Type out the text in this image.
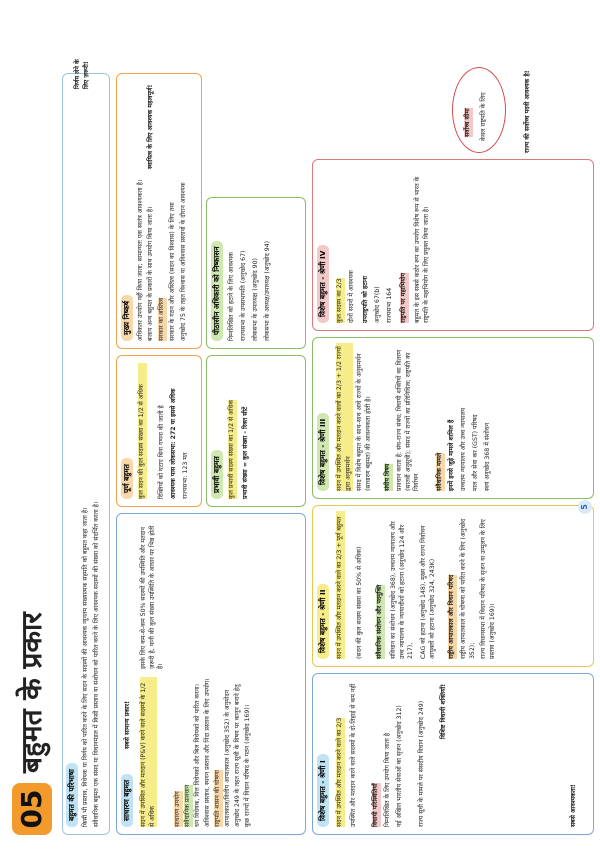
05
बहुमत के प्रकार
बहुमत की परिभाषा किसी भी प्रस्ताव, विधेयक या निर्णय को पारित करने के लिए सदन के सदस्यों की आवश्यक न्यूनतम संख्यात्मक सहमति को बहुमत कहा जाता है। संवैधानिक बहुमत एक संसद या विधानमंडल में किसी प्रस्ताव या संशोधन को पारित करने के लिए आवश्यक सदस्यों की संख्या को संदर्भित करता है।
निर्णय लेने के लिए ज़रूरी!
साधारण बहुमत
सबसे सामान्य प्रकार! सदन में उपस्थित और मतदान (P&V) करने वाले सदस्यों के 1/2 से अधिक
इसके लिए कम-से-कम 50% सदस्यों की उपस्थिति और मतदान ज़रूरी है, यानी की कुल संख्या उपस्थिति के आधार पर भिन्न होती है।
साधारण उपयोग संवैधानिक प्रावधान धन विधेयक, वित्त विधेयकों और बिल विधेयकों को पारित करना। अविश्वास प्रस्ताव, स्थगन प्रस्ताव और निंदा प्रस्ताव के लिए उपयोग। राष्ट्रपति शासन की घोषणा आपातकाल/वित्तीय आपातकाल (अनुच्छेद 352) के अनुमोदन अनुच्छेद 249 के तहत राज्य सूची के विषय पर कानून बनाने हेतु कुछ राज्यों में विधान परिषद के गठन (अनुच्छेद 169)।
पूर्ण बहुमत	कुल सदन की कुल सदस्य संख्या का 1/2 से अधिक रिक्तियों को घटाए बिना गणना की जाती है आवश्यक पास लोकसभा: 272 या इससे अधिक राज्यसभा: 123 मत	प्रभावी बहुमत	कुल प्रभावी सदस्य संख्या का 1/2 से अधिक प्रभावी संख्या = कुल संख्या - रिक्त सीटें
पीठासीन अधिकारी को निष्कासन	निम्नलिखित को हटाने के लिए आवश्यक राज्यसभा के उपसभापति (अनुच्छेद 67) लोकसभा के उपाध्यक्ष (अनुच्छेद 90) लोकसभा के अध्यक्ष/उपाध्यक्ष (अनुच्छेद 94)
मुख्य निष्कर्ष अधिकतर उपयोग नहीं किया जाता; सामान्यतः एक स्वतंत्र आवश्यकता है। बजाय अन्य बहुमत के प्रकारों के साथ उपयोग किया जाता है। सरकार का अस्तित्व सरकार के गठन और अस्तित्व (सदन का विश्वास) के लिए तथा अनुच्छेद 75 के तहत विश्वास या अविश्वास प्रस्तावों के दौरान आवश्यक
स्थायित्व के लिए आवश्यक महत्वपूर्ण!
विशेष बहुमत - श्रेणी I	सदन में उपस्थित और मतदान करने वाले का 2/3 उपस्थित और मतदान करने वाले सदस्यों के दो-तिहाई से कम नहीं विधायी परिस्थितियाँ निम्नलिखित के लिए उपयोग किया जाता है नई अखिल भारतीय सेवाओं का सृजन (अनुच्छेद 312) राज्य सूची के मामले पर संसदीय विधान (अनुच्छेद 249) विशिष्ट विधायी शक्तियाँ!
सबसे आवश्यकता!
विशेष बहुमत - श्रेणी II	सदन में उपस्थित और मतदान करने वाले का 2/3 + पूर्ण बहुमत (सदन की कुल सदस्य संख्या का 50% से अधिक) संवैधानिक संशोधन और पदमुक्ति संविधान का संशोधन (अनुच्छेद 368), उच्चतम न्यायालय और उच्च न्यायालय के न्यायाधीशों को हटाना (अनुच्छेद 124 और 217), CAG को हटाना (अनुच्छेद 148), मुख्य और राज्य निर्वाचन आयुक्तों को हटाना (अनुच्छेद 324, 243K) राष्ट्रीय आपातकाल और विधान परिषद राष्ट्रीय आपातकाल के घोषणा को पारित करने के लिए (अनुच्छेद 352); राज्य विधानसभा में विधान परिषद के सृजन या उन्मूलन के लिए प्रस्ताव (अनुच्छेद 169)।
विशेष बहुमत - श्रेणी III	सदन में उपस्थित और मतदान करने वालों का 2/3 + 1/2 राज्यों द्वारा अनुसमर्थन संसद में विशेष बहुमत के साथ-साथ आधे राज्यों के अनुसमर्थन (साधारण बहुमत) की आवश्यकता होती है। संघीय विषय प्रावधान करता है: संघ-राज्य संबंध; विधायी शक्तियों का वितरण (सातवीं अनुसूची); संसद में राज्यों का प्रतिनिधित्व; राष्ट्रपति का निर्वाचन	संवैधानिक मामले इनमें इनसे जुड़े मामले शामिल हैं उच्चतम न्यायालय और उच्च न्यायालय माल और सेवा कर (GST) परिषद स्वयं अनुच्छेद 368 में संशोधन
विशेष बहुमत - श्रेणी IV	कुल सदस्य का 2/3 दोनों सदनों में आवश्यक उपराष्ट्रपति को हटाना अनुच्छेद 67(b) राज्यसभा 164 राष्ट्रपति पर महाभियोग बहुमत के इस सबसे कठोर रूप का उपयोग विशेष रूप से भारत के राष्ट्रपति के महाभियोग के लिए प्रयुक्त किया जाता है।
सर्वोच्च सीमा केवल राष्ट्रपति के लिए	राज्य की सर्वोच्च पदवी आवश्यक है!
5
